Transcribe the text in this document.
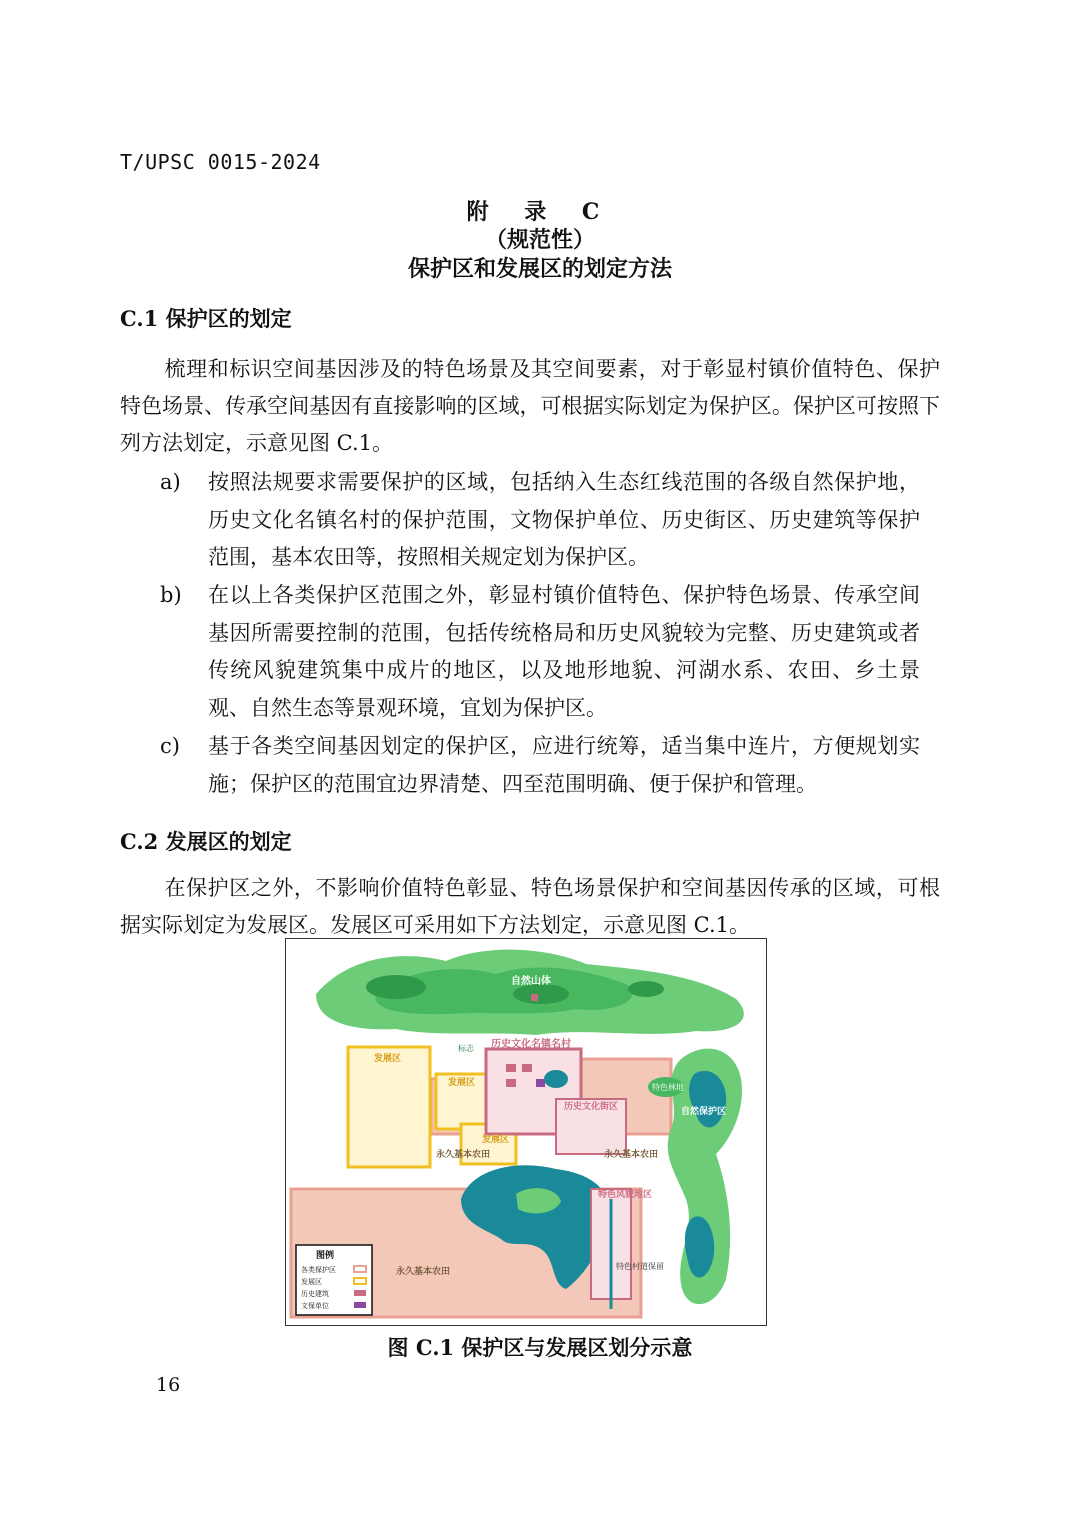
T/UPSC 0015-2024
附 录 C
（规范性）
保护区和发展区的划定方法
C.1 保护区的划定
梳理和标识空间基因涉及的特色场景及其空间要素，对于彰显村镇价值特色、保护特色场景、传承空间基因有直接影响的区域，可根据实际划定为保护区。保护区可按照下列方法划定，示意见图 C.1。
a)	按照法规要求需要保护的区域，包括纳入生态红线范围的各级自然保护地，历史文化名镇名村的保护范围，文物保护单位、历史街区、历史建筑等保护范围，基本农田等，按照相关规定划为保护区。
b)	在以上各类保护区范围之外，彰显村镇价值特色、保护特色场景、传承空间基因所需要控制的范围，包括传统格局和历史风貌较为完整、历史建筑或者传统风貌建筑集中成片的地区，以及地形地貌、河湖水系、农田、乡土景观、自然生态等景观环境，宜划为保护区。
c)	基于各类空间基因划定的保护区，应进行统筹，适当集中连片，方便规划实施；保护区的范围宜边界清楚、四至范围明确、便于保护和管理。
C.2 发展区的划定
在保护区之外，不影响价值特色彰显、特色场景保护和空间基因传承的区域，可根据实际划定为发展区。发展区可采用如下方法划定，示意见图 C.1。
自然山体
历史文化名镇名村
发展区
发展区
发展区
历史文化街区
永久基本农田	永久基本农田
永久基本农田
自然保护区
特色林地
标志
特色风貌地区
特色村道保留
图例
各类保护区
发展区
历史建筑
文保单位
图 C.1 保护区与发展区划分示意
16
